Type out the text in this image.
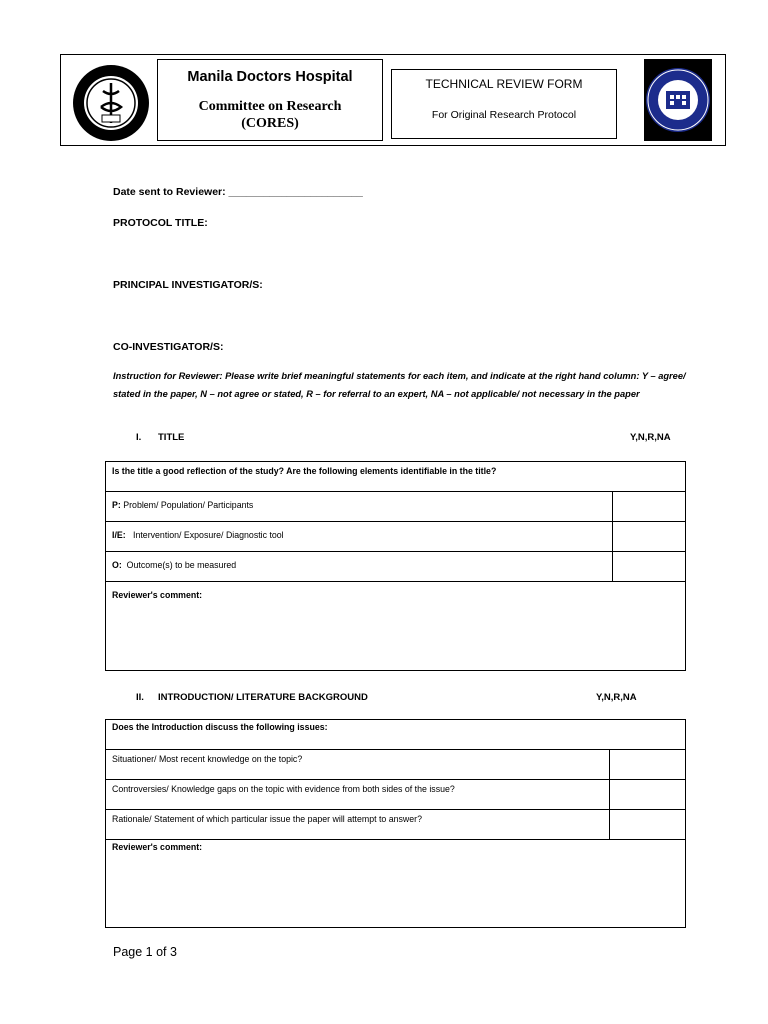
Manila Doctors Hospital
Committee on Research
(CORES)
TECHNICAL REVIEW FORM
For Original Research Protocol
Date sent to Reviewer: _______________________
PROTOCOL TITLE:
PRINCIPAL INVESTIGATOR/S:
CO-INVESTIGATOR/S:
Instruction for Reviewer: Please write brief meaningful statements for each item, and indicate at the right hand column: Y – agree/ stated in the paper, N – not agree or stated, R – for referral to an expert, NA – not applicable/ not necessary in the paper
I. TITLE	Y,N,R,NA
Is the title a good reflection of the study? Are the following elements identifiable in the title?	
P: Problem/ Population/ Participants	
I/E: Intervention/ Exposure/ Diagnostic tool	
O: Outcome(s) to be measured	
Reviewer's comment:	
II. INTRODUCTION/ LITERATURE BACKGROUND	Y,N,R,NA
Does the Introduction discuss the following issues:	
Situationer/ Most recent knowledge on the topic?	
Controversies/ Knowledge gaps on the topic with evidence from both sides of the issue?	
Rationale/ Statement of which particular issue the paper will attempt to answer?	
Reviewer's comment:	
Page 1 of 3
